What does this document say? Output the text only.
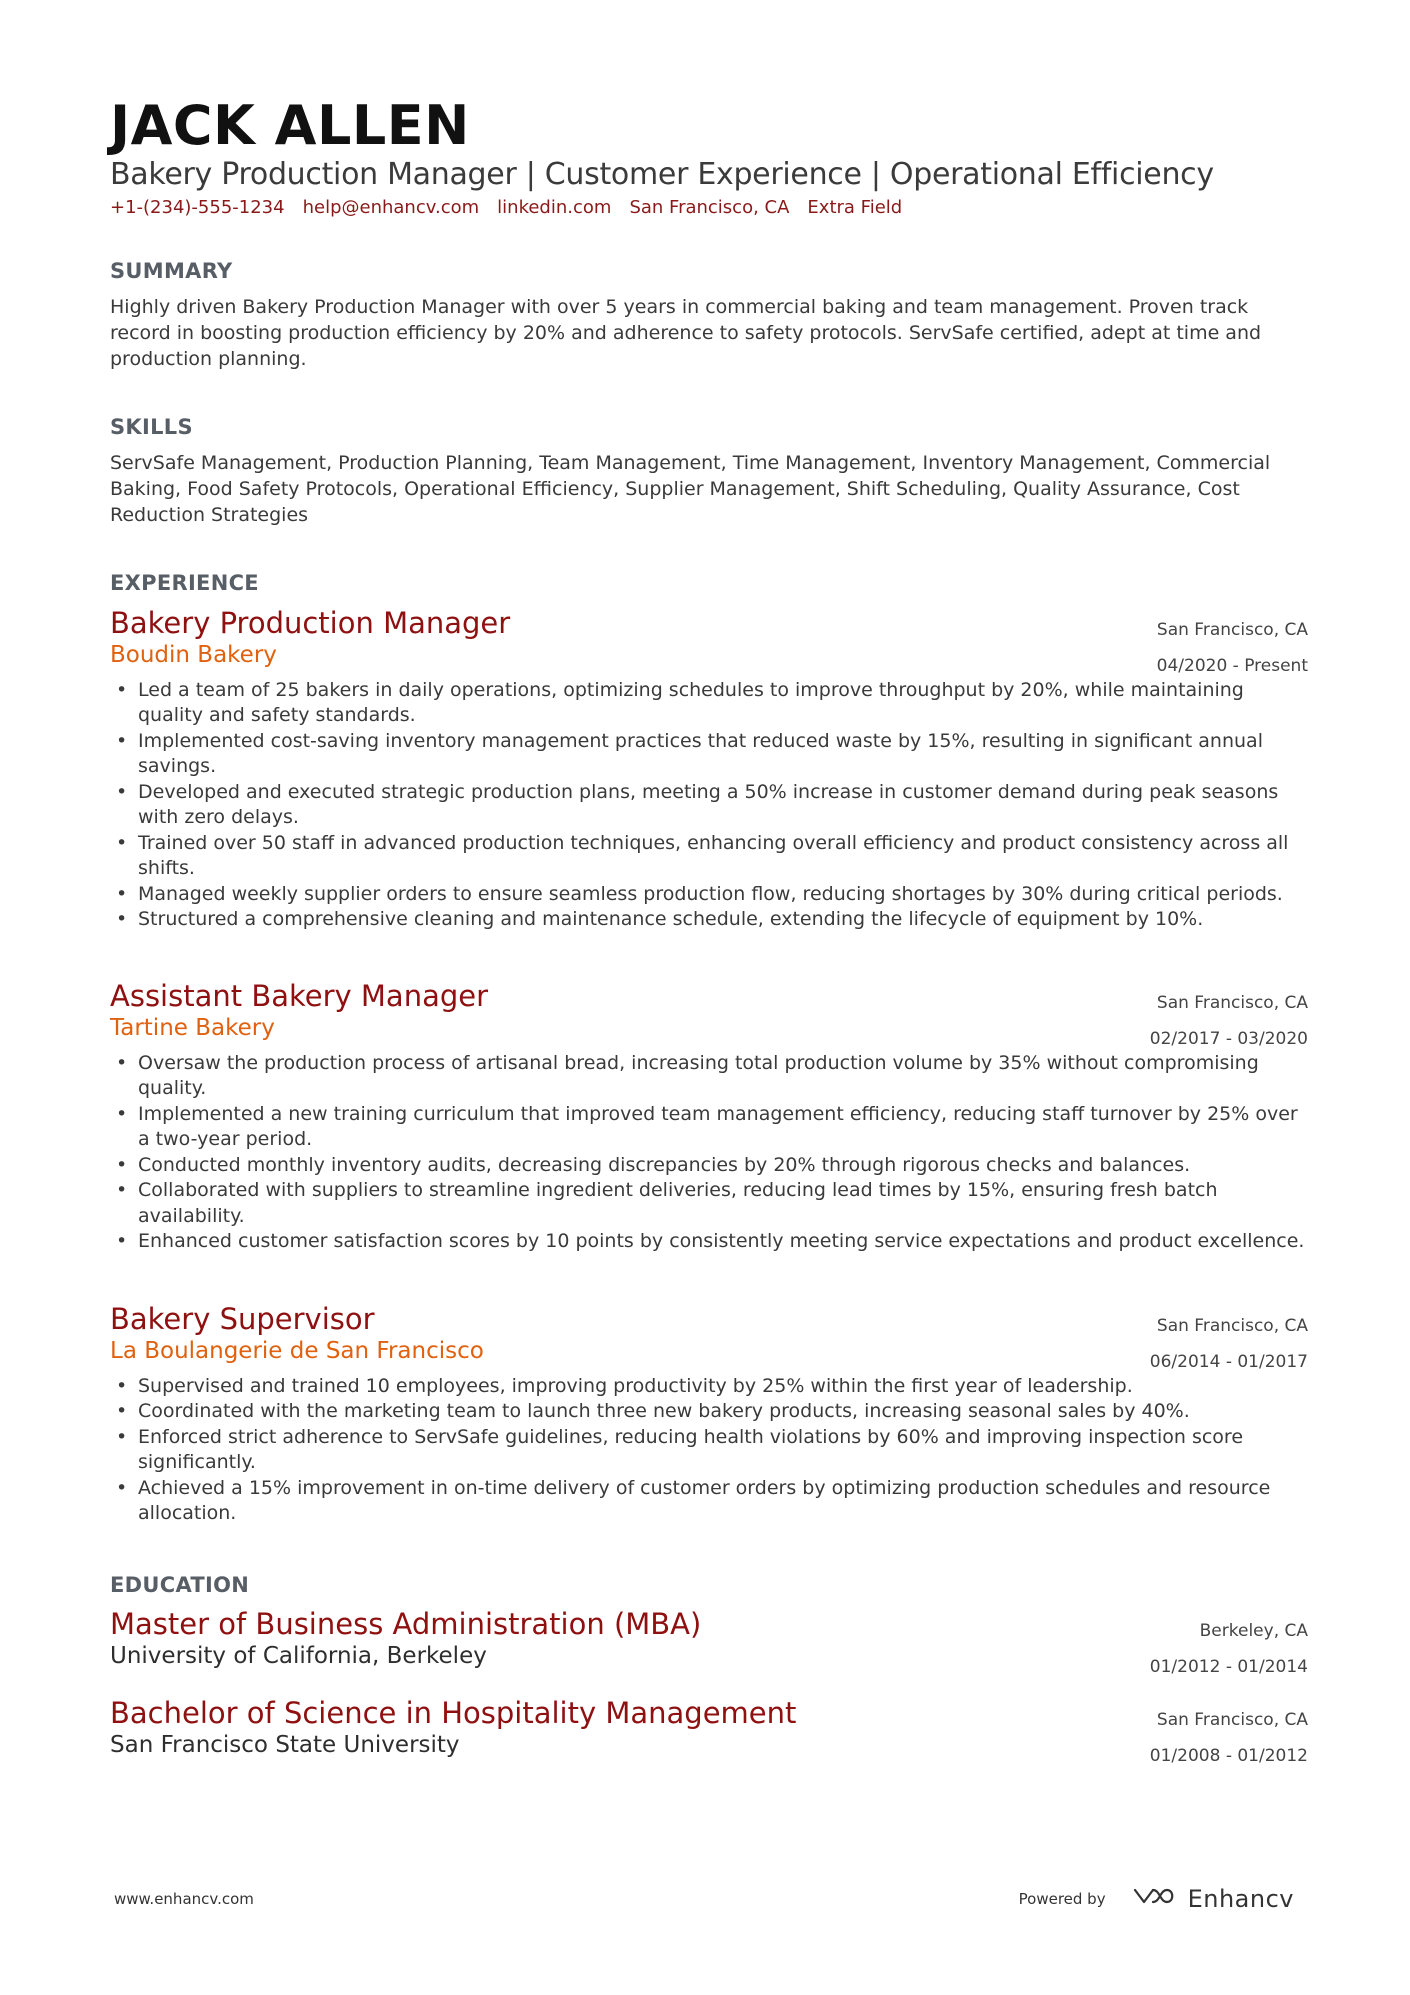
JACK ALLEN
Bakery Production Manager | Customer Experience | Operational Efficiency
+1-(234)-555-1234 help@enhancv.com linkedin.com San Francisco, CA Extra Field
SUMMARY
Highly driven Bakery Production Manager with over 5 years in commercial baking and team management. Proven track record in boosting production efficiency by 20% and adherence to safety protocols. ServSafe certified, adept at time and production planning.
SKILLS
ServSafe Management, Production Planning, Team Management, Time Management, Inventory Management, Commercial Baking, Food Safety Protocols, Operational Efficiency, Supplier Management, Shift Scheduling, Quality Assurance, Cost Reduction Strategies
EXPERIENCE
Bakery Production Manager
Boudin Bakery
San Francisco, CA
04/2020 - Present
• Led a team of 25 bakers in daily operations, optimizing schedules to improve throughput by 20%, while maintaining quality and safety standards.
• Implemented cost-saving inventory management practices that reduced waste by 15%, resulting in significant annual savings.
• Developed and executed strategic production plans, meeting a 50% increase in customer demand during peak seasons with zero delays.
• Trained over 50 staff in advanced production techniques, enhancing overall efficiency and product consistency across all shifts.
• Managed weekly supplier orders to ensure seamless production flow, reducing shortages by 30% during critical periods.
• Structured a comprehensive cleaning and maintenance schedule, extending the lifecycle of equipment by 10%.
Assistant Bakery Manager
Tartine Bakery
San Francisco, CA
02/2017 - 03/2020
• Oversaw the production process of artisanal bread, increasing total production volume by 35% without compromising quality.
• Implemented a new training curriculum that improved team management efficiency, reducing staff turnover by 25% over a two-year period.
• Conducted monthly inventory audits, decreasing discrepancies by 20% through rigorous checks and balances.
• Collaborated with suppliers to streamline ingredient deliveries, reducing lead times by 15%, ensuring fresh batch availability.
• Enhanced customer satisfaction scores by 10 points by consistently meeting service expectations and product excellence.
Bakery Supervisor
La Boulangerie de San Francisco
San Francisco, CA
06/2014 - 01/2017
• Supervised and trained 10 employees, improving productivity by 25% within the first year of leadership.
• Coordinated with the marketing team to launch three new bakery products, increasing seasonal sales by 40%.
• Enforced strict adherence to ServSafe guidelines, reducing health violations by 60% and improving inspection score significantly.
• Achieved a 15% improvement in on-time delivery of customer orders by optimizing production schedules and resource allocation.
EDUCATION
Master of Business Administration (MBA)
University of California, Berkeley
Berkeley, CA
01/2012 - 01/2014
Bachelor of Science in Hospitality Management
San Francisco State University
San Francisco, CA
01/2008 - 01/2012
www.enhancv.com	Powered by	Enhancv
